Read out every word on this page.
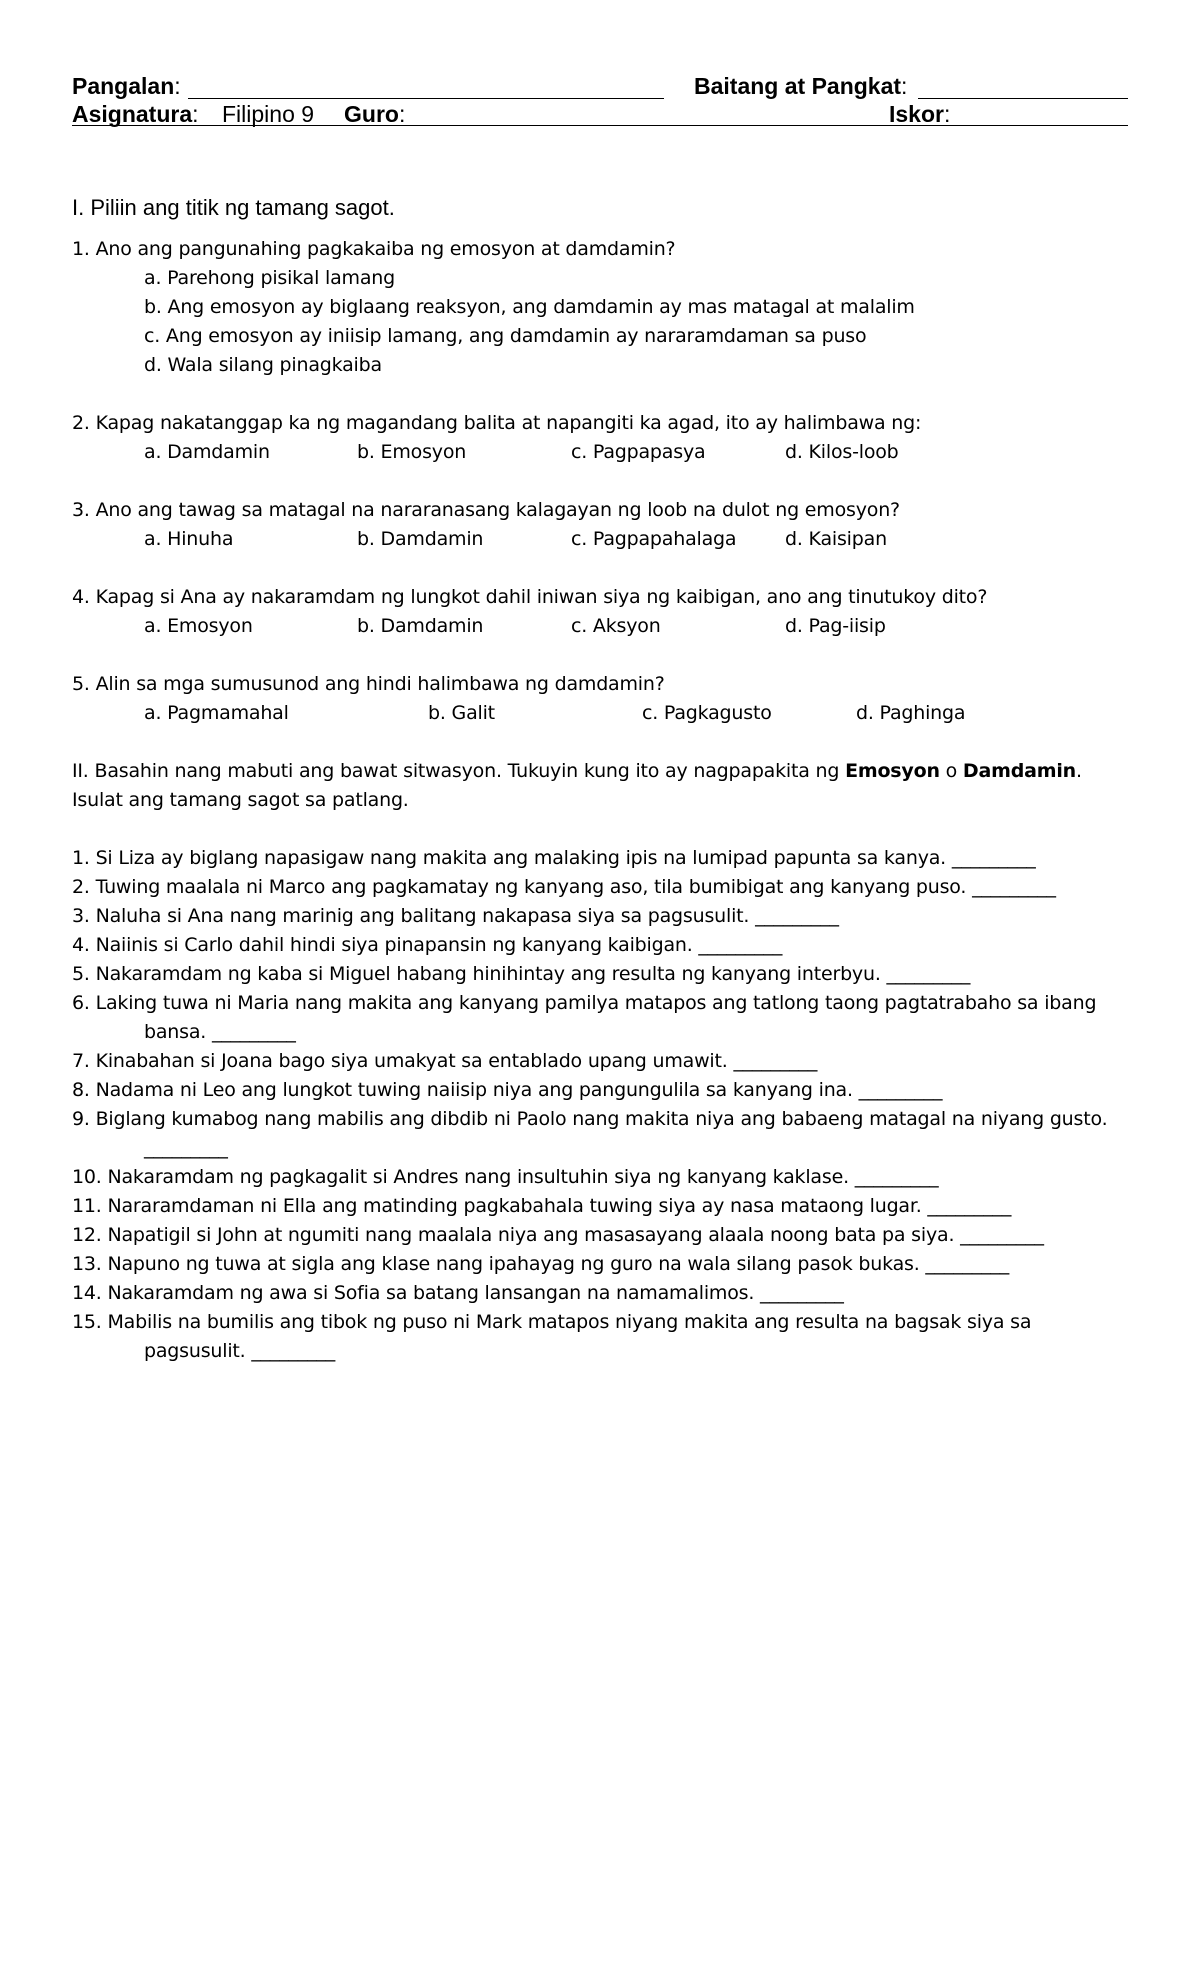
Pangalan:	Baitang at Pangkat:
Asignatura: Filipino 9 Guro:	Iskor:
I. Piliin ang titik ng tamang sagot.
1. Ano ang pangunahing pagkakaiba ng emosyon at damdamin?
a. Parehong pisikal lamang
b. Ang emosyon ay biglaang reaksyon, ang damdamin ay mas matagal at malalim
c. Ang emosyon ay iniisip lamang, ang damdamin ay nararamdaman sa puso
d. Wala silang pinagkaiba
2. Kapag nakatanggap ka ng magandang balita at napangiti ka agad, ito ay halimbawa ng:
a. Damdamin	b. Emosyon	c. Pagpapasya	d. Kilos-loob
3. Ano ang tawag sa matagal na nararanasang kalagayan ng loob na dulot ng emosyon?
a. Hinuha	b. Damdamin	c. Pagpapahalaga	d. Kaisipan
4. Kapag si Ana ay nakaramdam ng lungkot dahil iniwan siya ng kaibigan, ano ang tinutukoy dito?
a. Emosyon	b. Damdamin	c. Aksyon	d. Pag-iisip
5. Alin sa mga sumusunod ang hindi halimbawa ng damdamin?
a. Pagmamahal	b. Galit	c. Pagkagusto	d. Paghinga
II. Basahin nang mabuti ang bawat sitwasyon. Tukuyin kung ito ay nagpapakita ng Emosyon o Damdamin.
Isulat ang tamang sagot sa patlang.
1. Si Liza ay biglang napasigaw nang makita ang malaking ipis na lumipad papunta sa kanya. _________
2. Tuwing maalala ni Marco ang pagkamatay ng kanyang aso, tila bumibigat ang kanyang puso. _________
3. Naluha si Ana nang marinig ang balitang nakapasa siya sa pagsusulit. _________
4. Naiinis si Carlo dahil hindi siya pinapansin ng kanyang kaibigan. _________
5. Nakaramdam ng kaba si Miguel habang hinihintay ang resulta ng kanyang interbyu. _________
6. Laking tuwa ni Maria nang makita ang kanyang pamilya matapos ang tatlong taong pagtatrabaho sa ibang
bansa. _________
7. Kinabahan si Joana bago siya umakyat sa entablado upang umawit. _________
8. Nadama ni Leo ang lungkot tuwing naiisip niya ang pangungulila sa kanyang ina. _________
9. Biglang kumabog nang mabilis ang dibdib ni Paolo nang makita niya ang babaeng matagal na niyang gusto.
_________
10. Nakaramdam ng pagkagalit si Andres nang insultuhin siya ng kanyang kaklase. _________
11. Nararamdaman ni Ella ang matinding pagkabahala tuwing siya ay nasa mataong lugar. _________
12. Napatigil si John at ngumiti nang maalala niya ang masasayang alaala noong bata pa siya. _________
13. Napuno ng tuwa at sigla ang klase nang ipahayag ng guro na wala silang pasok bukas. _________
14. Nakaramdam ng awa si Sofia sa batang lansangan na namamalimos. _________
15. Mabilis na bumilis ang tibok ng puso ni Mark matapos niyang makita ang resulta na bagsak siya sa
pagsusulit. _________
